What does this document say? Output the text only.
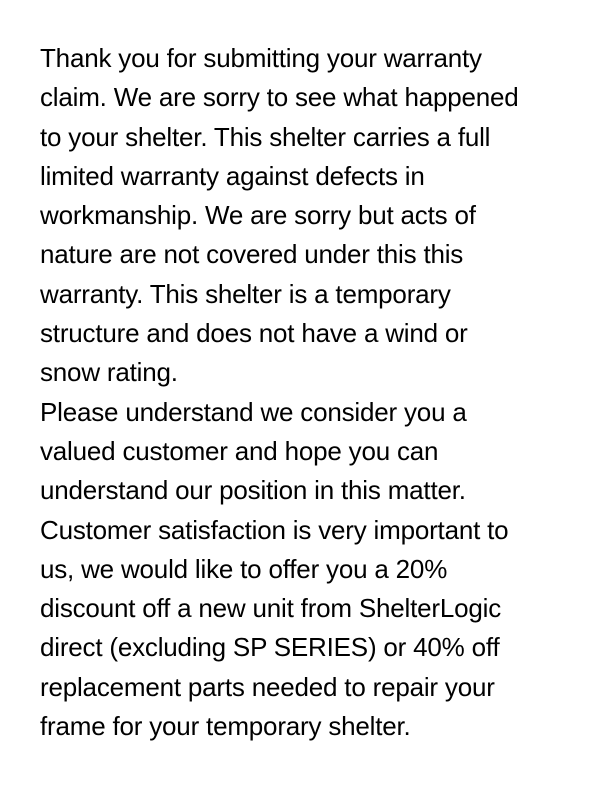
Thank you for submitting your warranty
claim. We are sorry to see what happened
to your shelter. This shelter carries a full
limited warranty against defects in
workmanship. We are sorry but acts of
nature are not covered under this this
warranty. This shelter is a temporary
structure and does not have a wind or
snow rating.
Please understand we consider you a
valued customer and hope you can
understand our position in this matter.
Customer satisfaction is very important to
us, we would like to offer you a 20%
discount off a new unit from ShelterLogic
direct (excluding SP SERIES) or 40% off
replacement parts needed to repair your
frame for your temporary shelter.
